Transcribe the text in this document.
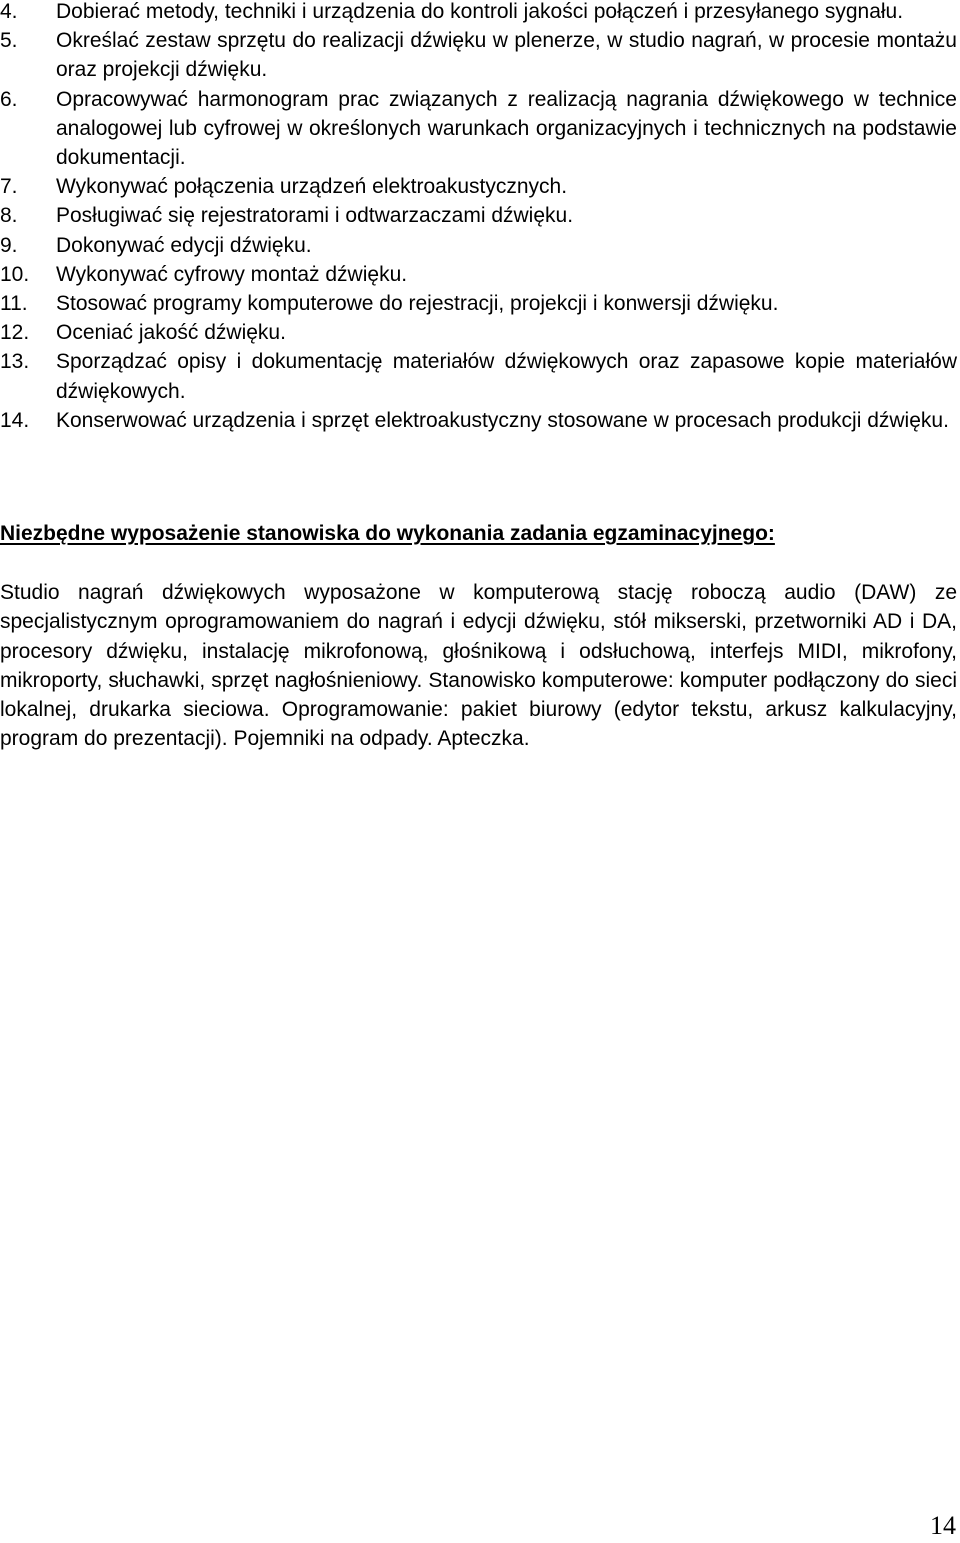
4.	Dobierać metody, techniki i urządzenia do kontroli jakości połączeń i przesyłanego sygnału.
5.	Określać zestaw sprzętu do realizacji dźwięku w plenerze, w studio nagrań, w procesie montażu oraz projekcji dźwięku.
6.	Opracowywać harmonogram prac związanych z realizacją nagrania dźwiękowego w technice analogowej lub cyfrowej w określonych warunkach organizacyjnych i technicznych na podstawie dokumentacji.
7.	Wykonywać połączenia urządzeń elektroakustycznych.
8.	Posługiwać się rejestratorami i odtwarzaczami dźwięku.
9.	Dokonywać edycji dźwięku.
10.	Wykonywać cyfrowy montaż dźwięku.
11.	Stosować programy komputerowe do rejestracji, projekcji i konwersji dźwięku.
12.	Oceniać jakość dźwięku.
13.	Sporządzać opisy i dokumentację materiałów dźwiękowych oraz zapasowe kopie materiałów dźwiękowych.
14.	Konserwować urządzenia i sprzęt elektroakustyczny stosowane w procesach produkcji dźwięku.
Niezbędne wyposażenie stanowiska do wykonania zadania egzaminacyjnego:

Studio nagrań dźwiękowych wyposażone w komputerową stację roboczą audio (DAW) ze specjalistycznym oprogramowaniem do nagrań i edycji dźwięku, stół mikserski, przetworniki AD i DA, procesory dźwięku, instalację mikrofonową, głośnikową i odsłuchową, interfejs MIDI, mikrofony, mikroporty, słuchawki, sprzęt nagłośnieniowy. Stanowisko komputerowe: komputer podłączony do sieci lokalnej, drukarka sieciowa. Oprogramowanie: pakiet biurowy (edytor tekstu, arkusz kalkulacyjny, program do prezentacji). Pojemniki na odpady. Apteczka.

14
